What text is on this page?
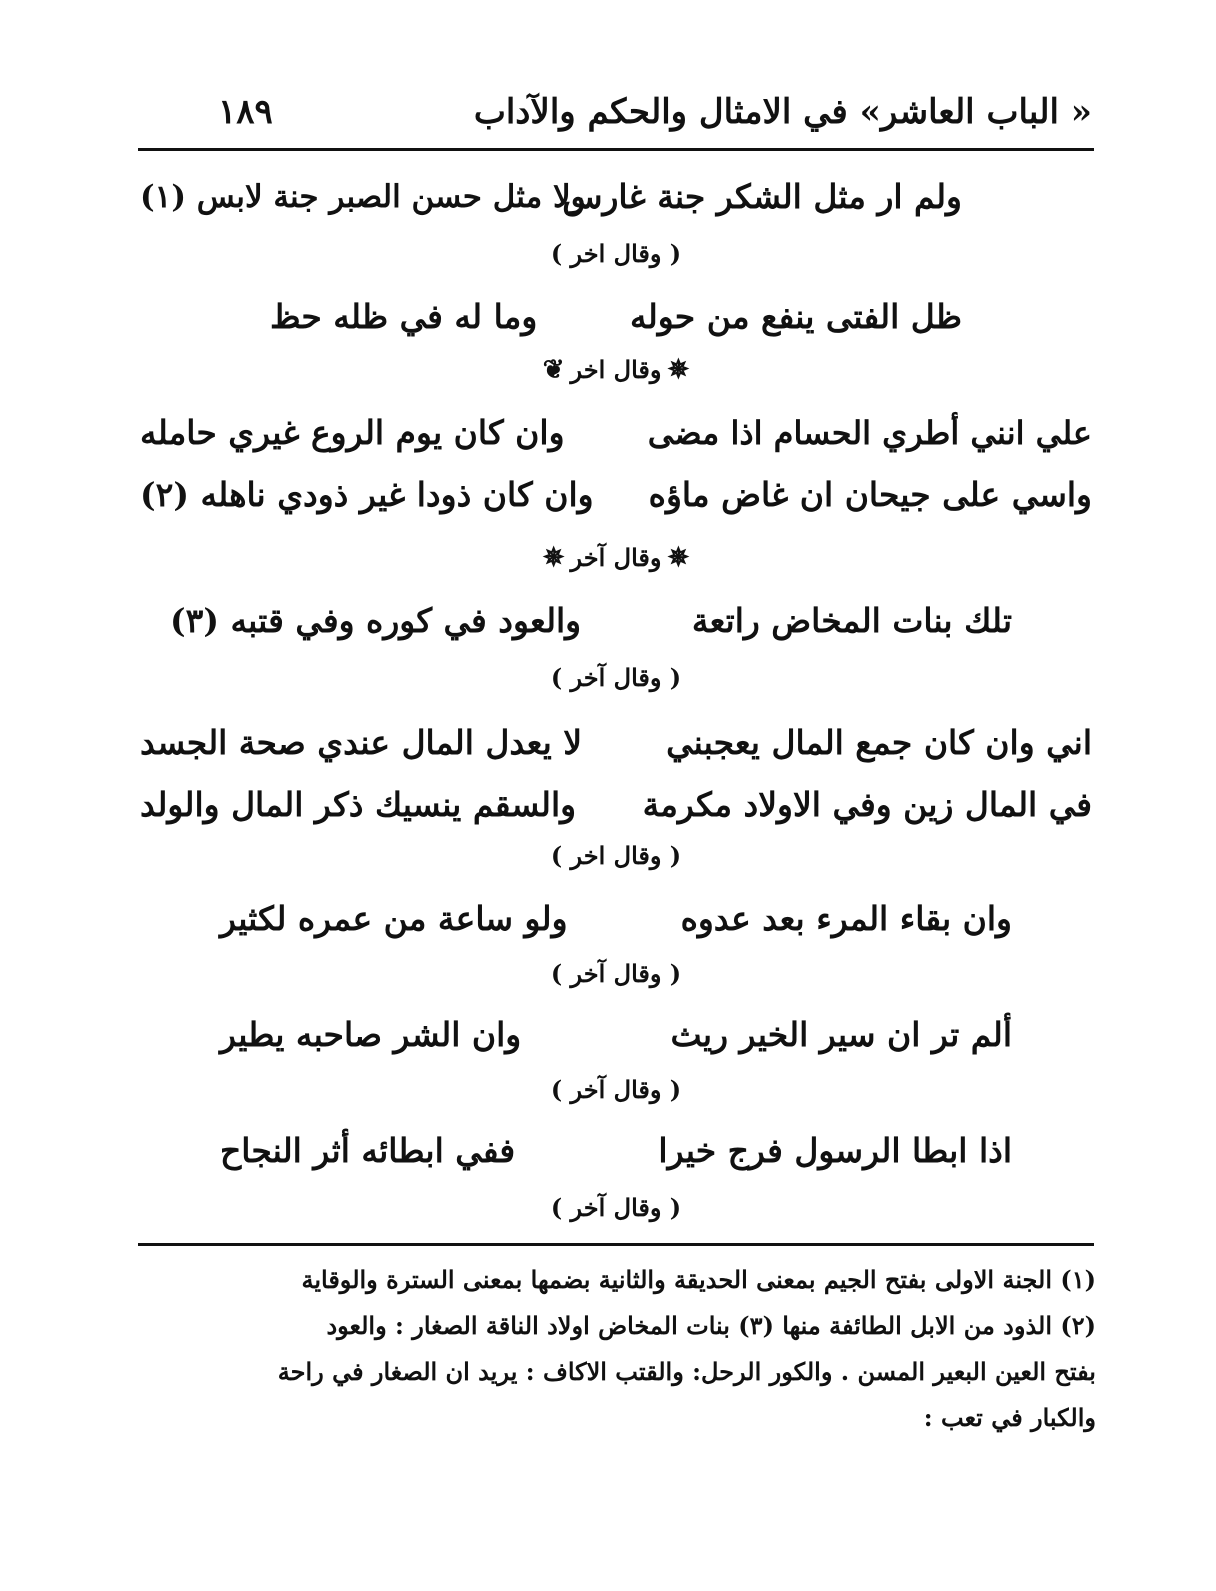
« الباب العاشر» في الامثال والحكم والآداب
١٨٩
ولم ار مثل الشكر جنة غارس
ولا مثل حسن الصبر جنة لابس (١)
( وقال اخر )
ظل الفتى ينفع من حوله
وما له في ظله حظ
✵وقال اخر❦
علي انني أطري الحسام اذا مضى
وان كان يوم الروع غيري حامله
واسي على جيحان ان غاض ماؤه
وان كان ذودا غير ذودي ناهله (٢)
✵وقال آخر✵
تلك بنات المخاض راتعة
والعود في كوره وفي قتبه (٣)
( وقال آخر )
اني وان كان جمع المال يعجبني
لا يعدل المال عندي صحة الجسد
في المال زين وفي الاولاد مكرمة
والسقم ينسيك ذكر المال والولد
( وقال اخر )
وان بقاء المرء بعد عدوه
ولو ساعة من عمره لكثير
( وقال آخر )
ألم تر ان سير الخير ريث
وان الشر صاحبه يطير
( وقال آخر )
اذا ابطا الرسول فرج خيرا
ففي ابطائه أثر النجاح
( وقال آخر )
(١) الجنة الاولى بفتح الجيم بمعنى الحديقة والثانية بضمها بمعنى السترة والوقاية
(٢) الذود من الابل الطائفة منها (٣) بنات المخاض اولاد الناقة الصغار : والعود
بفتح العين البعير المسن . والكور الرحل: والقتب الاكاف : يريد ان الصغار في راحة
والكبار في تعب :
